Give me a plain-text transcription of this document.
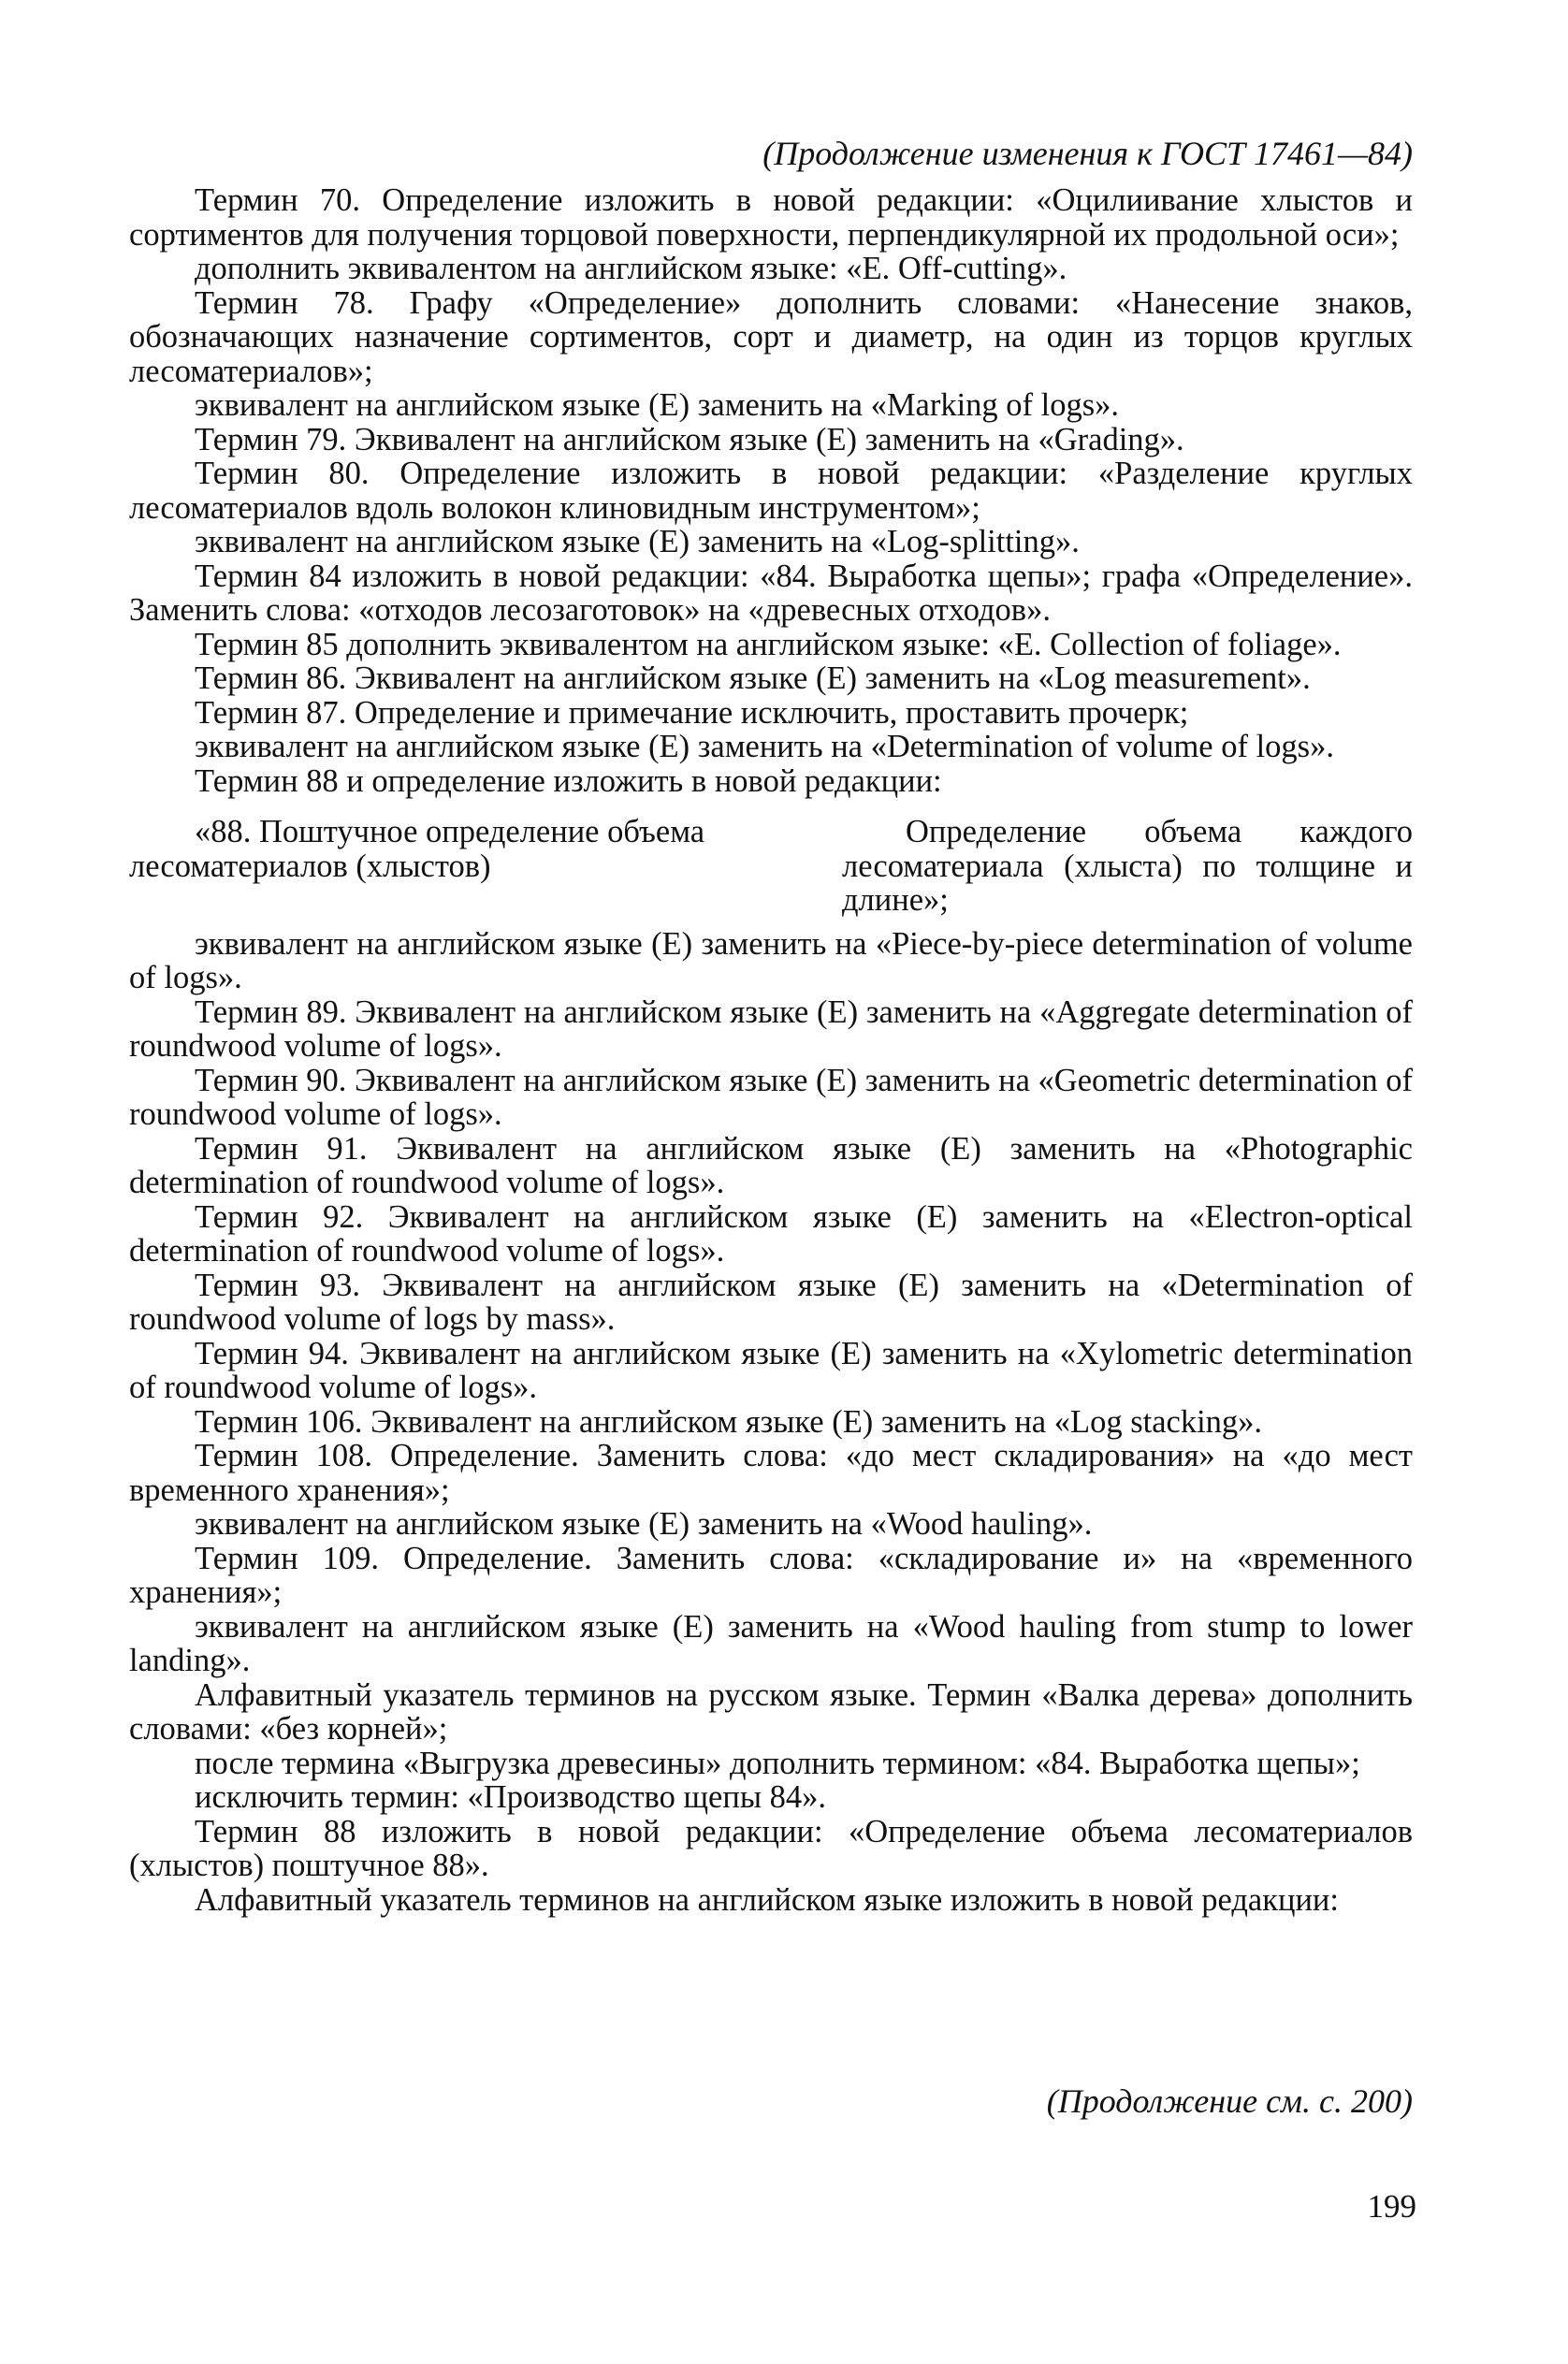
(Продолжение изменения к ГОСТ 17461—84)

Термин 70. Определение изложить в новой редакции: «Оцилиивание хлыстов и сортиментов для получения торцовой поверхности, перпендикулярной их продольной оси»;

дополнить эквивалентом на английском языке: «E. Off-cutting».

Термин 78. Графу «Определение» дополнить словами: «Нанесение знаков, обозначающих назначение сортиментов, сорт и диаметр, на один из торцов круглых лесоматериалов»;

эквивалент на английском языке (E) заменить на «Marking of logs».

Термин 79. Эквивалент на английском языке (E) заменить на «Grading».

Термин 80. Определение изложить в новой редакции: «Разделение круглых лесоматериалов вдоль волокон клиновидным инструментом»;

эквивалент на английском языке (E) заменить на «Log-splitting».

Термин 84 изложить в новой редакции: «84. Выработка щепы»; графа «Определение». Заменить слова: «отходов лесозаготовок» на «древесных отходов».

Термин 85 дополнить эквивалентом на английском языке: «E. Collection of foliage».

Термин 86. Эквивалент на английском языке (E) заменить на «Log measurement».

Термин 87. Определение и примечание исключить, проставить прочерк;

эквивалент на английском языке (E) заменить на «Determination of volume of logs».

Термин 88 и определение изложить в новой редакции:

«88. Поштучное определение объема лесоматериалов (хлыстов)
Определение объема каждого лесоматериала (хлыста) по толщине и длине»;

эквивалент на английском языке (E) заменить на «Piece-by-piece determination of volume of logs».

Термин 89. Эквивалент на английском языке (E) заменить на «Aggregate determination of roundwood volume of logs».

Термин 90. Эквивалент на английском языке (E) заменить на «Geometric determination of roundwood volume of logs».

Термин 91. Эквивалент на английском языке (E) заменить на «Photographic determination of roundwood volume of logs».

Термин 92. Эквивалент на английском языке (E) заменить на «Electron-optical determination of roundwood volume of logs».

Термин 93. Эквивалент на английском языке (E) заменить на «Determination of roundwood volume of logs by mass».

Термин 94. Эквивалент на английском языке (E) заменить на «Xylometric determination of roundwood volume of logs».

Термин 106. Эквивалент на английском языке (E) заменить на «Log stacking».

Термин 108. Определение. Заменить слова: «до мест складирования» на «до мест временного хранения»;

эквивалент на английском языке (E) заменить на «Wood hauling».

Термин 109. Определение. Заменить слова: «складирование и» на «временного хранения»;

эквивалент на английском языке (E) заменить на «Wood hauling from stump to lower landing».

Алфавитный указатель терминов на русском языке. Термин «Валка дерева» дополнить словами: «без корней»;

после термина «Выгрузка древесины» дополнить термином: «84. Выработка щепы»;

исключить термин: «Производство щепы 84».

Термин 88 изложить в новой редакции: «Определение объема лесоматериалов (хлыстов) поштучное 88».

Алфавитный указатель терминов на английском языке изложить в новой редакции:

(Продолжение см. с. 200)
199
